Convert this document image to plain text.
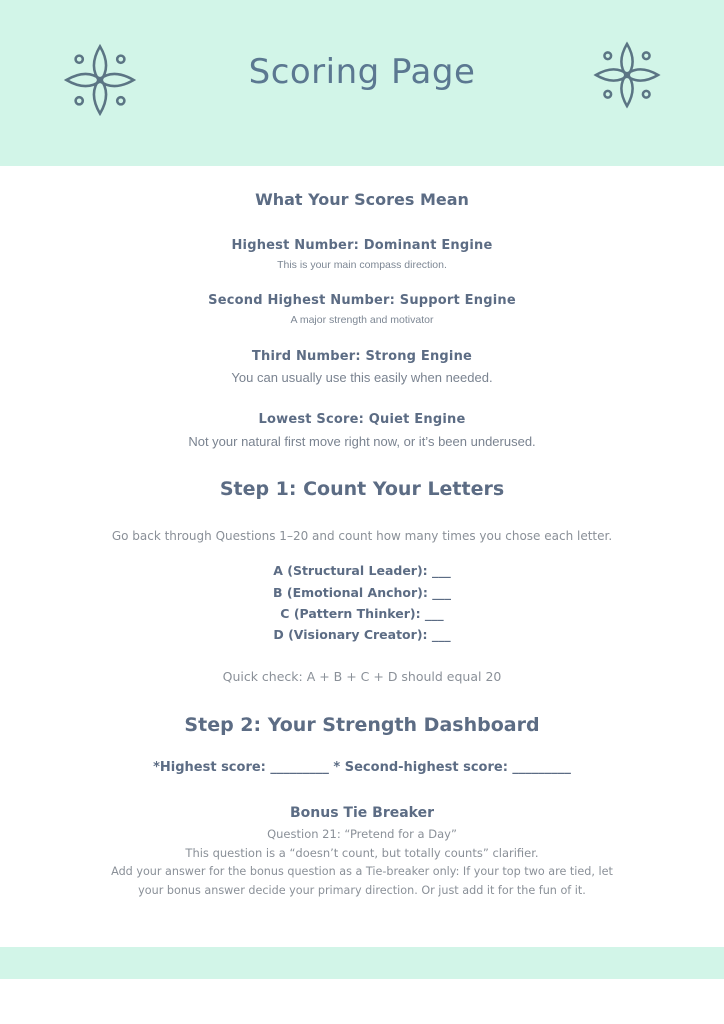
Scoring Page
What Your Scores Mean
Highest Number: Dominant Engine
This is your main compass direction.
Second Highest Number: Support Engine
A major strength and motivator
Third Number: Strong Engine
You can usually use this easily when needed.
Lowest Score: Quiet Engine
Not your natural first move right now, or it’s been underused.
Step 1: Count Your Letters
Go back through Questions 1–20 and count how many times you chose each letter.
A (Structural Leader): ___
B (Emotional Anchor): ___
C (Pattern Thinker): ___
D (Visionary Creator): ___
Quick check: A + B + C + D should equal 20
Step 2: Your Strength Dashboard
*Highest score: _________ * Second-highest score: _________
Bonus Tie Breaker
Question 21: “Pretend for a Day”
This question is a “doesn’t count, but totally counts” clarifier.
Add your answer for the bonus question as a Tie-breaker only: If your top two are tied, let
your bonus answer decide your primary direction. Or just add it for the fun of it.
